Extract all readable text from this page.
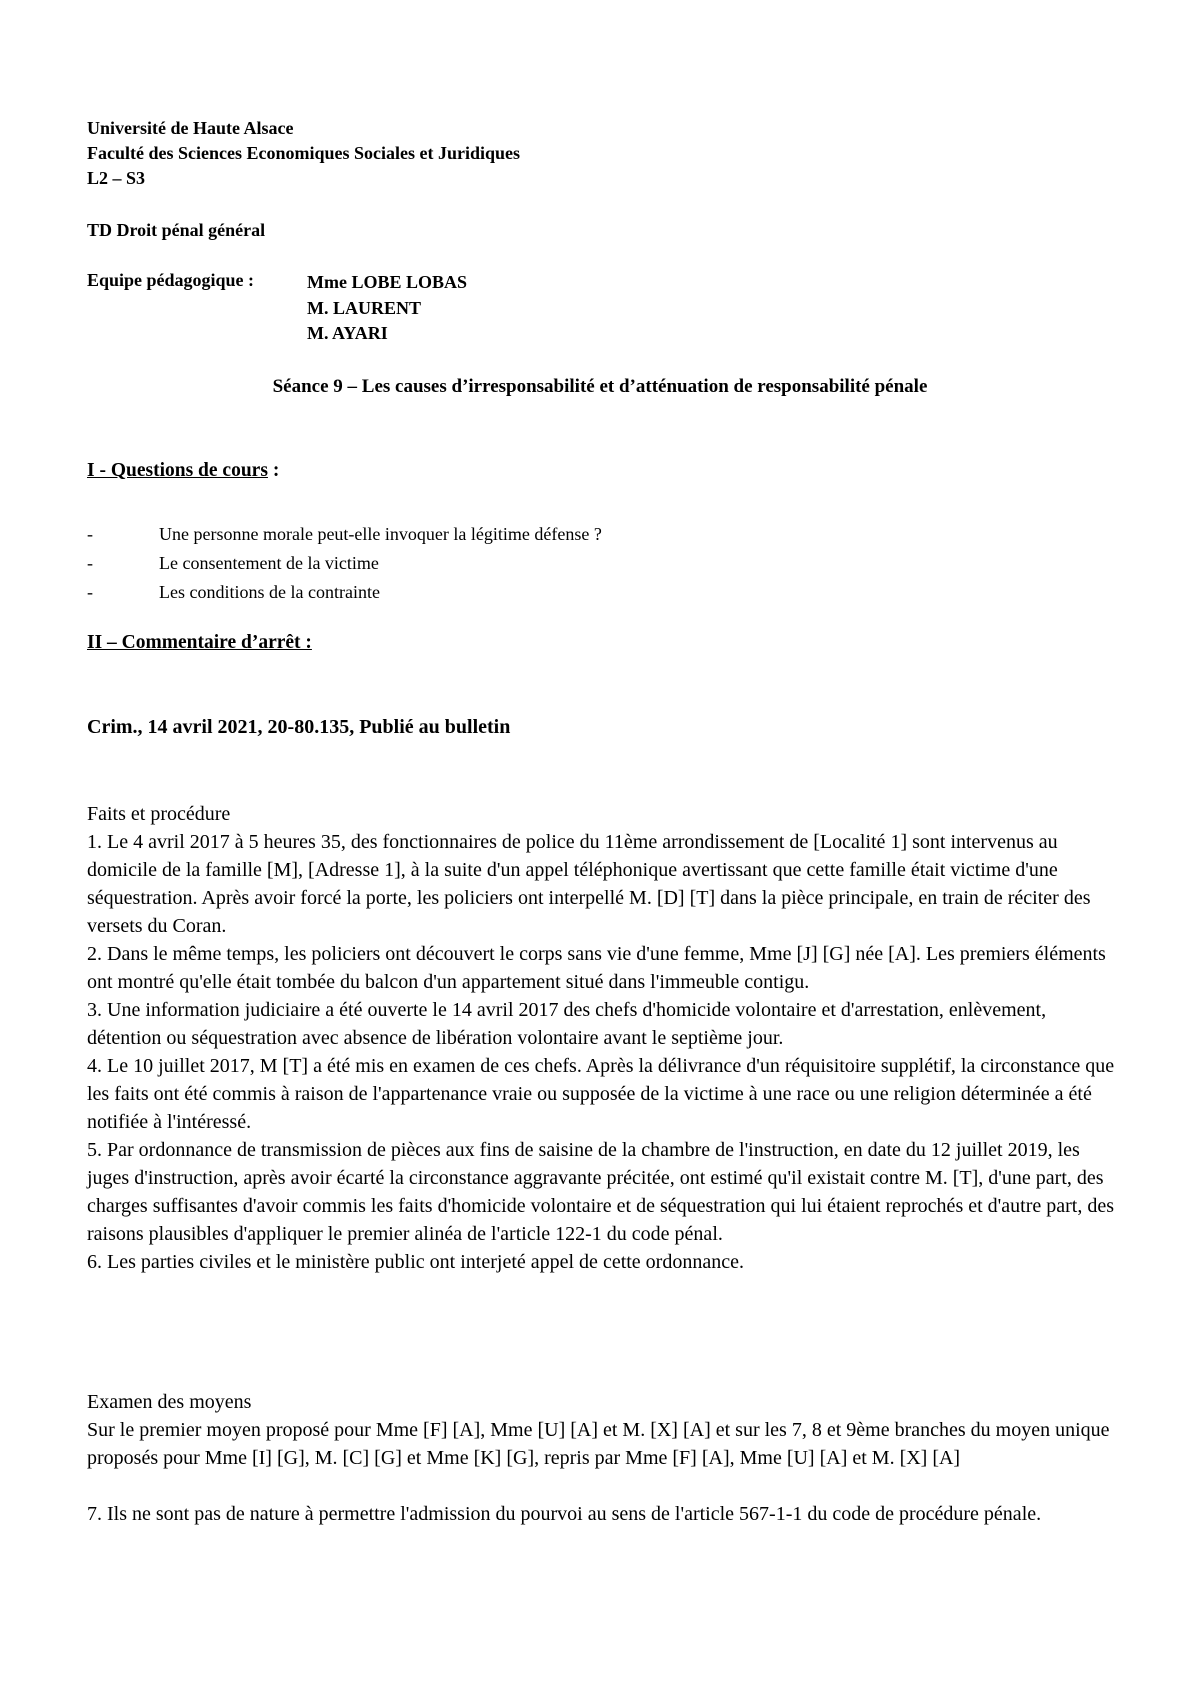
Université de Haute Alsace
Faculté des Sciences Economiques Sociales et Juridiques
L2 – S3
TD Droit pénal général
Equipe pédagogique :	Mme LOBE LOBAS
M. LAURENT
M. AYARI
Séance 9 – Les causes d’irresponsabilité et d’atténuation de responsabilité pénale
I - Questions de cours :
-	Une personne morale peut-elle invoquer la légitime défense ?
-	Le consentement de la victime
-	Les conditions de la contrainte
II – Commentaire d’arrêt :
Crim., 14 avril 2021, 20-80.135, Publié au bulletin

Faits et procédure

1. Le 4 avril 2017 à 5 heures 35, des fonctionnaires de police du 11ème arrondissement de [Localité 1] sont intervenus au domicile de la famille [M], [Adresse 1], à la suite d'un appel téléphonique avertissant que cette famille était victime d'une séquestration. Après avoir forcé la porte, les policiers ont interpellé M. [D] [T] dans la pièce principale, en train de réciter des versets du Coran.

2. Dans le même temps, les policiers ont découvert le corps sans vie d'une femme, Mme [J] [G] née [A]. Les premiers éléments ont montré qu'elle était tombée du balcon d'un appartement situé dans l'immeuble contigu.

3. Une information judiciaire a été ouverte le 14 avril 2017 des chefs d'homicide volontaire et d'arrestation, enlèvement, détention ou séquestration avec absence de libération volontaire avant le septième jour.

4. Le 10 juillet 2017, M [T] a été mis en examen de ces chefs. Après la délivrance d'un réquisitoire supplétif, la circonstance que les faits ont été commis à raison de l'appartenance vraie ou supposée de la victime à une race ou une religion déterminée a été notifiée à l'intéressé.

5. Par ordonnance de transmission de pièces aux fins de saisine de la chambre de l'instruction, en date du 12 juillet 2019, les juges d'instruction, après avoir écarté la circonstance aggravante précitée, ont estimé qu'il existait contre M. [T], d'une part, des charges suffisantes d'avoir commis les faits d'homicide volontaire et de séquestration qui lui étaient reprochés et d'autre part, des raisons plausibles d'appliquer le premier alinéa de l'article 122-1 du code pénal.

6. Les parties civiles et le ministère public ont interjeté appel de cette ordonnance.

Examen des moyens

Sur le premier moyen proposé pour Mme [F] [A], Mme [U] [A] et M. [X] [A] et sur les 7, 8 et 9ème branches du moyen unique proposés pour Mme [I] [G], M. [C] [G] et Mme [K] [G], repris par Mme [F] [A], Mme [U] [A] et M. [X] [A]

7. Ils ne sont pas de nature à permettre l'admission du pourvoi au sens de l'article 567-1-1 du code de procédure pénale.
